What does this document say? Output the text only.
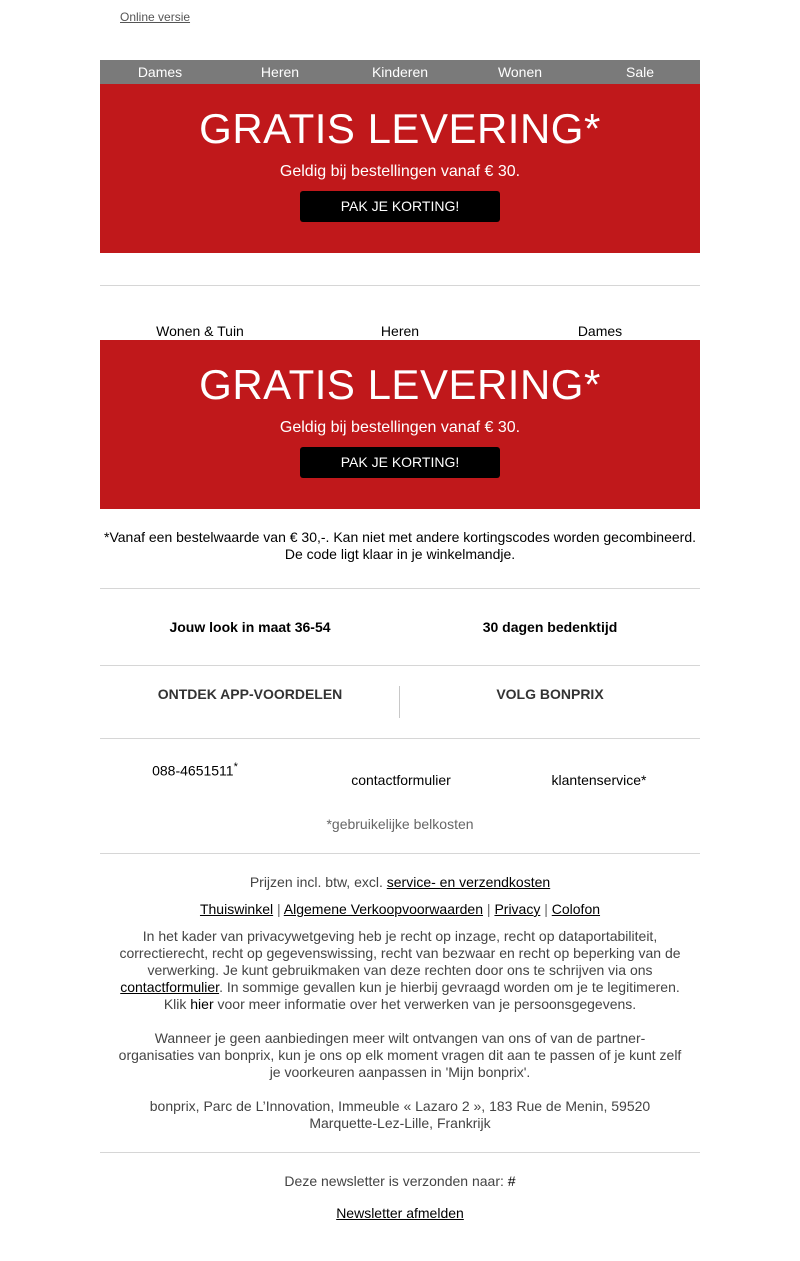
Online versie
Dames	Heren	Kinderen	Wonen	Sale
GRATIS LEVERING*
Geldig bij bestellingen vanaf € 30.
PAK JE KORTING!
Wonen & Tuin	Heren	Dames
GRATIS LEVERING*
Geldig bij bestellingen vanaf € 30.
PAK JE KORTING!
*Vanaf een bestelwaarde van € 30,-. Kan niet met andere kortingscodes worden gecombineerd.
De code ligt klaar in je winkelmandje.
Jouw look in maat 36-54	30 dagen bedenktijd
ONTDEK APP-VOORDELEN	VOLG BONPRIX
088-4651511*
contactformulier	klantenservice*
*gebruikelijke belkosten
Prijzen incl. btw, excl. service- en verzendkosten
Thuiswinkel | Algemene Verkoopvoorwaarden | Privacy | Colofon
In het kader van privacywetgeving heb je recht op inzage, recht op dataportabiliteit,
correctierecht, recht op gegevenswissing, recht van bezwaar en recht op beperking van de
verwerking. Je kunt gebruikmaken van deze rechten door ons te schrijven via ons
contactformulier. In sommige gevallen kun je hierbij gevraagd worden om je te legitimeren.
Klik hier voor meer informatie over het verwerken van je persoonsgegevens.
Wanneer je geen aanbiedingen meer wilt ontvangen van ons of van de partner-
organisaties van bonprix, kun je ons op elk moment vragen dit aan te passen of je kunt zelf
je voorkeuren aanpassen in 'Mijn bonprix'.
bonprix, Parc de L’Innovation, Immeuble « Lazaro 2 », 183 Rue de Menin, 59520
Marquette-Lez-Lille, Frankrijk
Deze newsletter is verzonden naar: #
Newsletter afmelden
